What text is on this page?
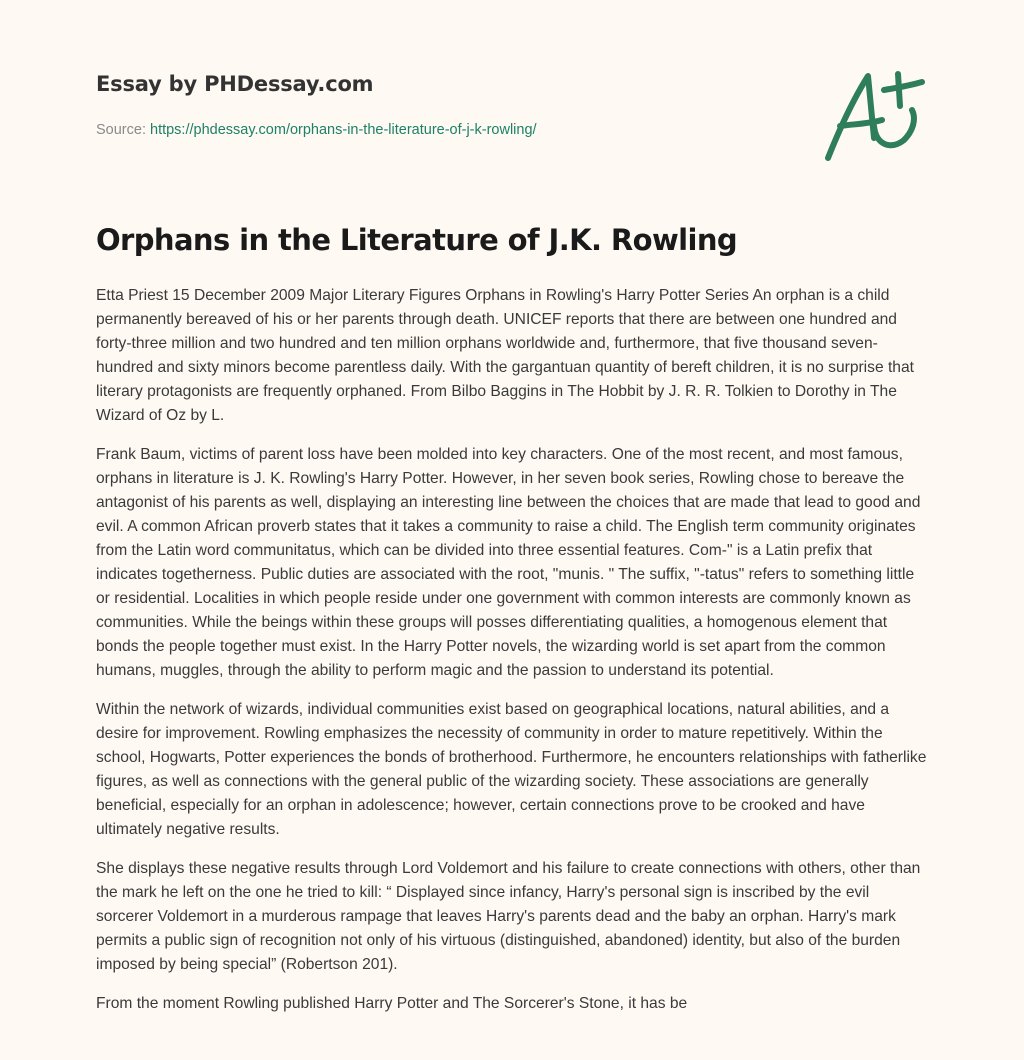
Essay by PHDessay.com
Source: https://phdessay.com/orphans-in-the-literature-of-j-k-rowling/
Orphans in the Literature of J.K. Rowling

Etta Priest 15 December 2009 Major Literary Figures Orphans in Rowling's Harry Potter Series An orphan is a child permanently bereaved of his or her parents through death. UNICEF reports that there are between one hundred and forty-three million and two hundred and ten million orphans worldwide and, furthermore, that five thousand seven-hundred and sixty minors become parentless daily. With the gargantuan quantity of bereft children, it is no surprise that literary protagonists are frequently orphaned. From Bilbo Baggins in The Hobbit by J. R. R. Tolkien to Dorothy in The Wizard of Oz by L.

Frank Baum, victims of parent loss have been molded into key characters. One of the most recent, and most famous, orphans in literature is J. K. Rowling's Harry Potter. However, in her seven book series, Rowling chose to bereave the antagonist of his parents as well, displaying an interesting line between the choices that are made that lead to good and evil. A common African proverb states that it takes a community to raise a child. The English term community originates from the Latin word communitatus, which can be divided into three essential features. Com-" is a Latin prefix that indicates togetherness. Public duties are associated with the root, "munis. " The suffix, "-tatus" refers to something little or residential. Localities in which people reside under one government with common interests are commonly known as communities. While the beings within these groups will posses differentiating qualities, a homogenous element that bonds the people together must exist. In the Harry Potter novels, the wizarding world is set apart from the common humans, muggles, through the ability to perform magic and the passion to understand its potential.

Within the network of wizards, individual communities exist based on geographical locations, natural abilities, and a desire for improvement. Rowling emphasizes the necessity of community in order to mature repetitively. Within the school, Hogwarts, Potter experiences the bonds of brotherhood. Furthermore, he encounters relationships with fatherlike figures, as well as connections with the general public of the wizarding society. These associations are generally beneficial, especially for an orphan in adolescence; however, certain connections prove to be crooked and have ultimately negative results.

She displays these negative results through Lord Voldemort and his failure to create connections with others, other than the mark he left on the one he tried to kill: “ Displayed since infancy, Harry's personal sign is inscribed by the evil sorcerer Voldemort in a murderous rampage that leaves Harry's parents dead and the baby an orphan. Harry's mark permits a public sign of recognition not only of his virtuous (distinguished, abandoned) identity, but also of the burden imposed by being special” (Robertson 201).

From the moment Rowling published Harry Potter and The Sorcerer's Stone, it has be
